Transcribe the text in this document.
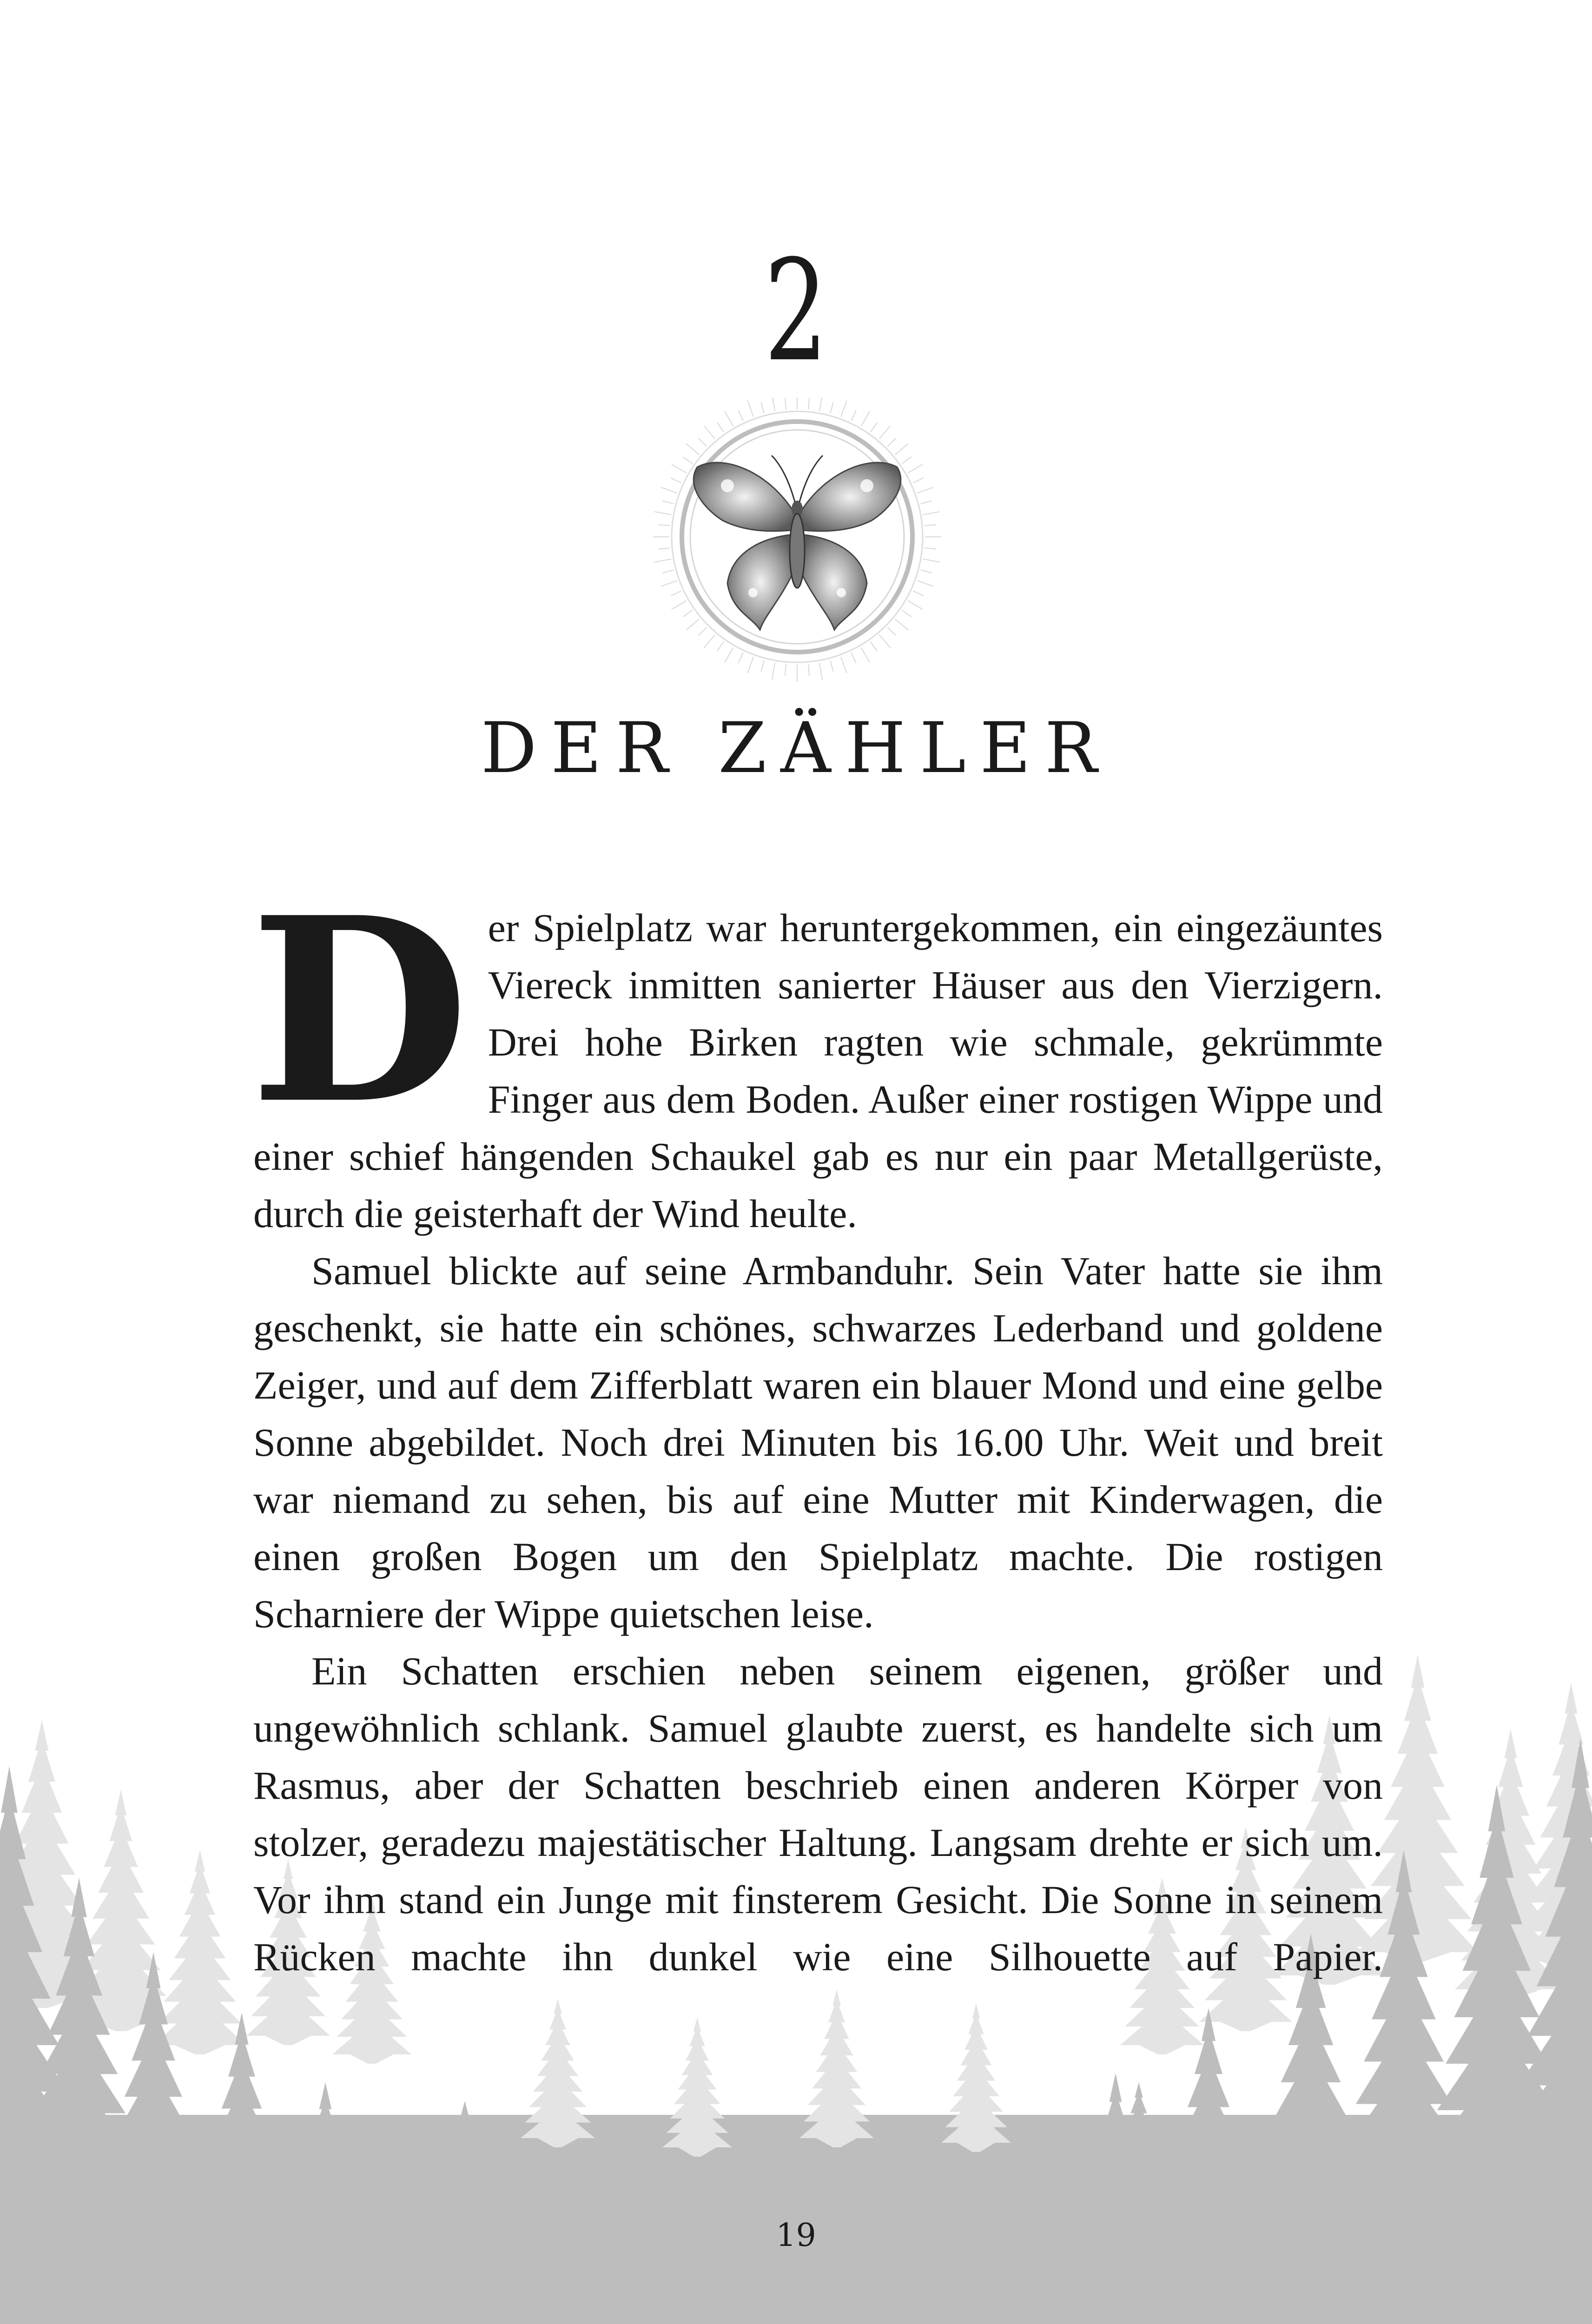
2
DER ZÄHLER

Der Spielplatz war heruntergekommen, ein eingezäuntes Viereck inmitten sanierter Häuser aus den Vierzigern. Drei hohe Birken ragten wie schmale, gekrümmte Finger aus dem Boden. Außer einer rostigen Wippe und einer schief hängenden Schaukel gab es nur ein paar Metallgerüste, durch die geisterhaft der Wind heulte.

Samuel blickte auf seine Armbanduhr. Sein Vater hatte sie ihm geschenkt, sie hatte ein schönes, schwarzes Lederband und goldene Zeiger, und auf dem Zifferblatt waren ein blauer Mond und eine gelbe Sonne abgebildet. Noch drei Minuten bis 16.00 Uhr. Weit und breit war niemand zu sehen, bis auf eine Mutter mit Kinderwagen, die einen großen Bogen um den Spielplatz machte. Die rostigen Scharniere der Wippe quietschen leise.

Ein Schatten erschien neben seinem eigenen, größer und ungewöhnlich schlank. Samuel glaubte zuerst, es handelte sich um Rasmus, aber der Schatten beschrieb einen anderen Körper von stolzer, geradezu majestätischer Haltung. Langsam drehte er sich um. Vor ihm stand ein Junge mit finsterem Gesicht. Die Sonne in seinem Rücken machte ihn dunkel wie eine Silhouette auf Papier.

19
